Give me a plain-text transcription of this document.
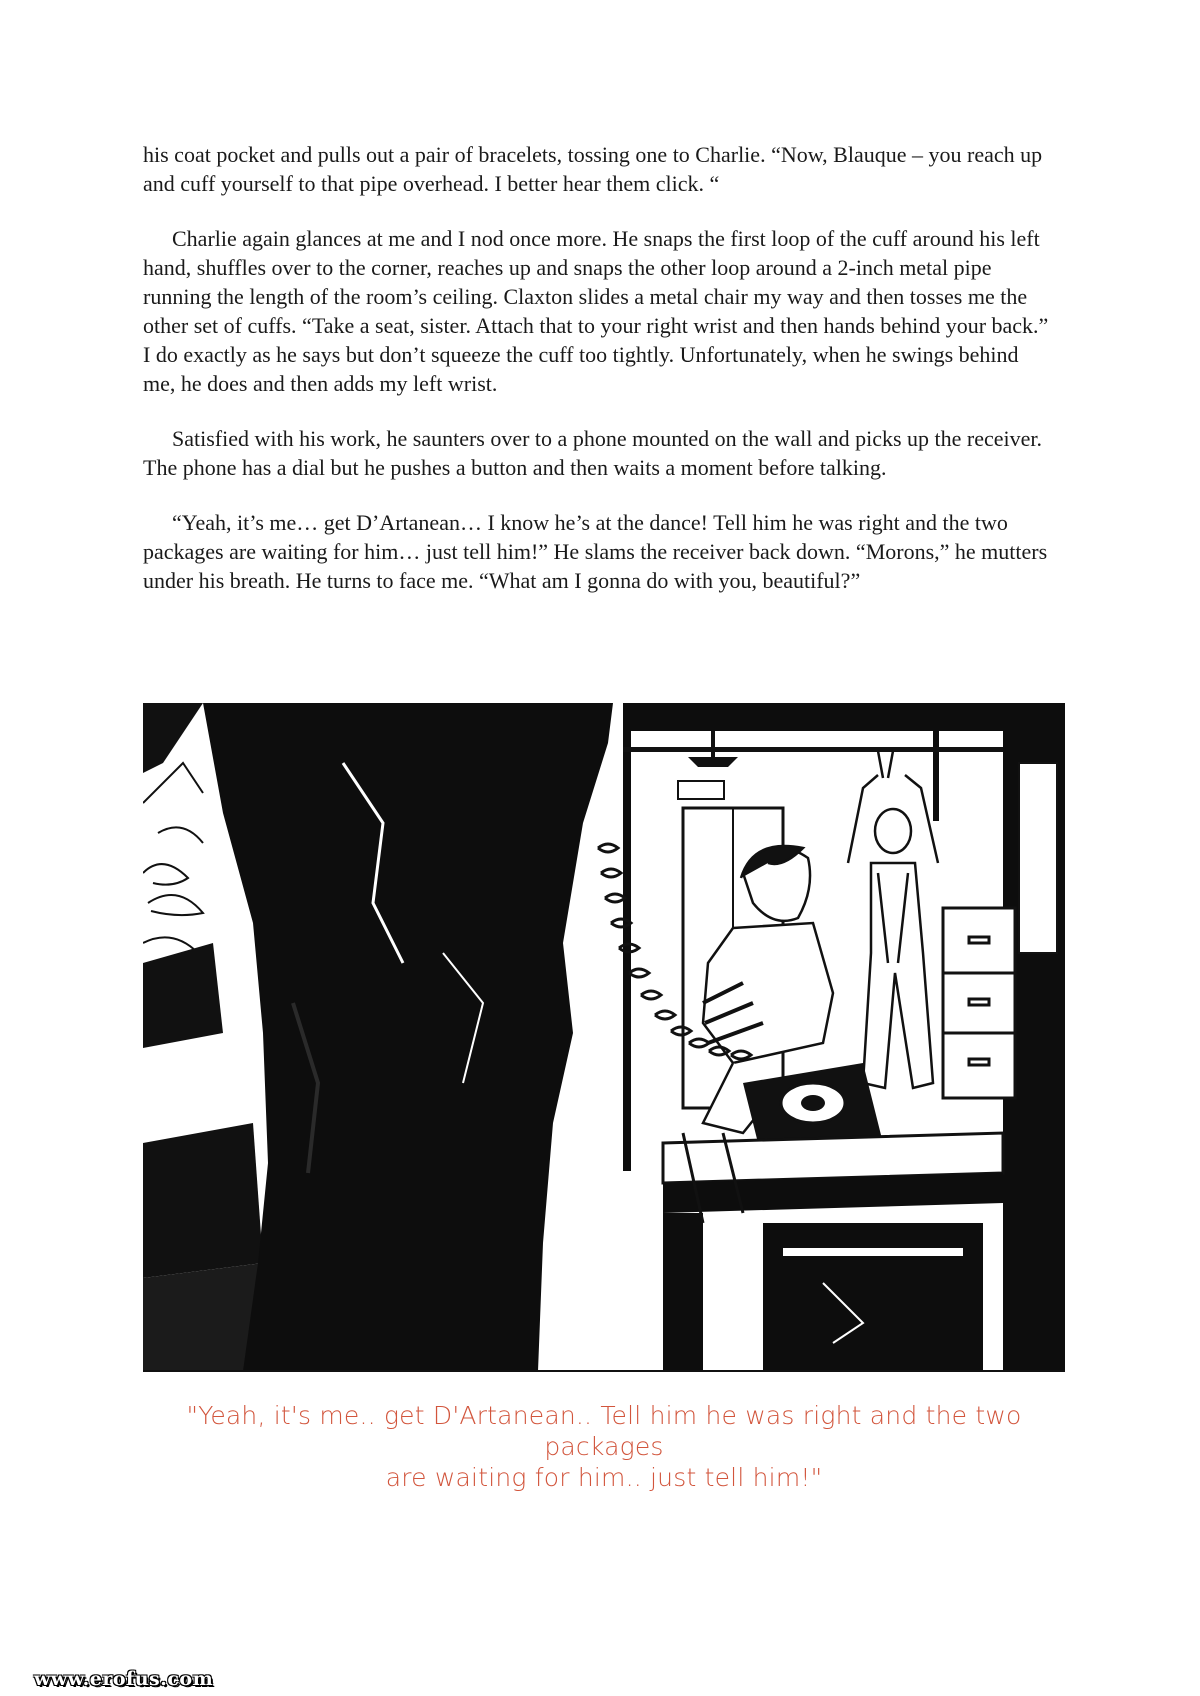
his coat pocket and pulls out a pair of bracelets, tossing one to Charlie. “Now, Blauque – you reach up and cuff yourself to that pipe overhead. I better hear them click. “

Charlie again glances at me and I nod once more. He snaps the first loop of the cuff around his left hand, shuffles over to the corner, reaches up and snaps the other loop around a 2-inch metal pipe running the length of the room’s ceiling. Claxton slides a metal chair my way and then tosses me the other set of cuffs. “Take a seat, sister. Attach that to your right wrist and then hands behind your back.” I do exactly as he says but don’t squeeze the cuff too tightly. Unfortunately, when he swings behind me, he does and then adds my left wrist.

Satisfied with his work, he saunters over to a phone mounted on the wall and picks up the receiver. The phone has a dial but he pushes a button and then waits a moment before talking.

“Yeah, it’s me… get D’Artanean… I know he’s at the dance! Tell him he was right and the two packages are waiting for him… just tell him!” He slams the receiver back down. “Morons,” he mutters under his breath. He turns to face me. “What am I gonna do with you, beautiful?”

"Yeah, it's me.. get D'Artanean.. Tell him he was right and the two packages
are waiting for him.. just tell him!"
www.erofus.com
